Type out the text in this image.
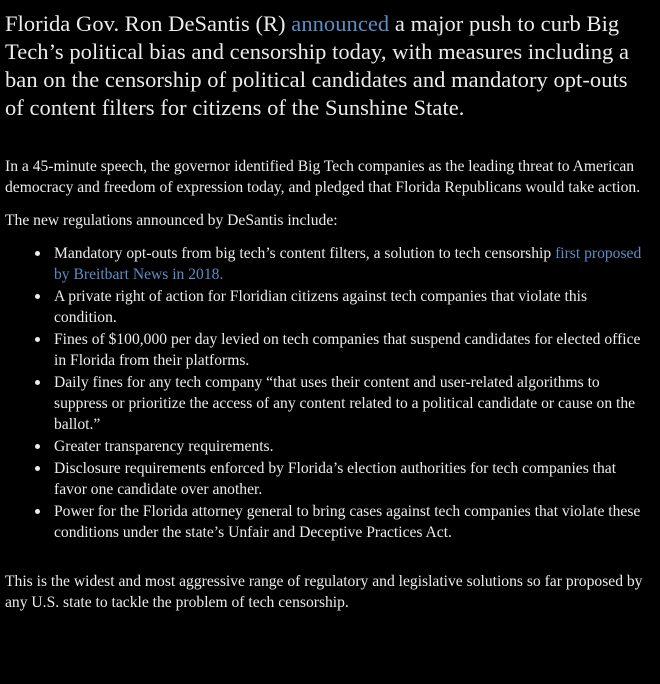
Florida Gov. Ron DeSantis (R) announced a major push to curb Big Tech’s political bias and censorship today, with measures including a ban on the censorship of political candidates and mandatory opt-outs of content filters for citizens of the Sunshine State.

In a 45-minute speech, the governor identified Big Tech companies as the leading threat to American democracy and freedom of expression today, and pledged that Florida Republicans would take action.

The new regulations announced by DeSantis include:

Mandatory opt-outs from big tech’s content filters, a solution to tech censorship first proposed by Breitbart News in 2018.
A private right of action for Floridian citizens against tech companies that violate this condition.
Fines of $100,000 per day levied on tech companies that suspend candidates for elected office in Florida from their platforms.
Daily fines for any tech company “that uses their content and user-related algorithms to suppress or prioritize the access of any content related to a political candidate or cause on the ballot.”
Greater transparency requirements.
Disclosure requirements enforced by Florida’s election authorities for tech companies that favor one candidate over another.
Power for the Florida attorney general to bring cases against tech companies that violate these conditions under the state’s Unfair and Deceptive Practices Act.

This is the widest and most aggressive range of regulatory and legislative solutions so far proposed by any U.S. state to tackle the problem of tech censorship.
